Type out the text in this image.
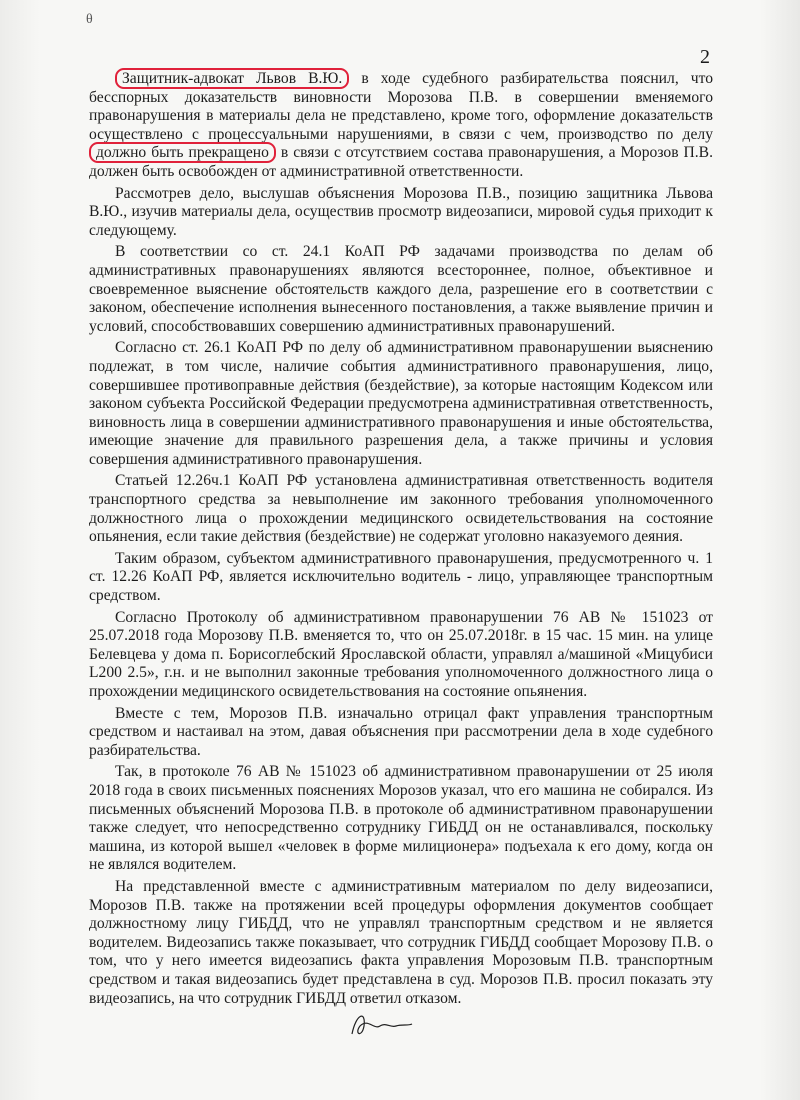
θ
2

Защитник-адвокат Львов В.Ю. в ходе судебного разбирательства пояснил, что бесспорных доказательств виновности Морозова П.В. в совершении вменяемого правонарушения в материалы дела не представлено, кроме того, оформление доказательств осуществлено с процессуальными нарушениями, в связи с чем, производство по делу должно быть прекращено в связи с отсутствием состава правонарушения, а Морозов П.В. должен быть освобожден от административной ответственности.

Рассмотрев дело, выслушав объяснения Морозова П.В., позицию защитника Львова В.Ю., изучив материалы дела, осуществив просмотр видеозаписи, мировой судья приходит к следующему.

В соответствии со ст. 24.1 КоАП РФ задачами производства по делам об административных правонарушениях являются всестороннее, полное, объективное и своевременное выяснение обстоятельств каждого дела, разрешение его в соответствии с законом, обеспечение исполнения вынесенного постановления, а также выявление причин и условий, способствовавших совершению административных правонарушений.

Согласно ст. 26.1 КоАП РФ по делу об административном правонарушении выяснению подлежат, в том числе, наличие события административного правонарушения, лицо, совершившее противоправные действия (бездействие), за которые настоящим Кодексом или законом субъекта Российской Федерации предусмотрена административная ответственность, виновность лица в совершении административного правонарушения и иные обстоятельства, имеющие значение для правильного разрешения дела, а также причины и условия совершения административного правонарушения.

Статьей 12.26ч.1 КоАП РФ установлена административная ответственность водителя транспортного средства за невыполнение им законного требования уполномоченного должностного лица о прохождении медицинского освидетельствования на состояние опьянения, если такие действия (бездействие) не содержат уголовно наказуемого деяния.

Таким образом, субъектом административного правонарушения, предусмотренного ч. 1 ст. 12.26 КоАП РФ, является исключительно водитель - лицо, управляющее транспортным средством.

Согласно Протоколу об административном правонарушении 76 АВ № 151023 от 25.07.2018 года Морозову П.В. вменяется то, что он 25.07.2018г. в 15 час. 15 мин. на улице Белевцева у дома п. Борисоглебский Ярославской области, управлял а/машиной «Мицубиси L200 2.5», г.н. и не выполнил законные требования уполномоченного должностного лица о прохождении медицинского освидетельствования на состояние опьянения.

Вместе с тем, Морозов П.В. изначально отрицал факт управления транспортным средством и настаивал на этом, давая объяснения при рассмотрении дела в ходе судебного разбирательства.

Так, в протоколе 76 АВ № 151023 об административном правонарушении от 25 июля 2018 года в своих письменных пояснениях Морозов указал, что его машина не собирался. Из письменных объяснений Морозова П.В. в протоколе об административном правонарушении также следует, что непосредственно сотруднику ГИБДД он не останавливался, поскольку машина, из которой вышел «человек в форме милиционера» подъехала к его дому, когда он не являлся водителем.

На представленной вместе с административным материалом по делу видеозаписи, Морозов П.В. также на протяжении всей процедуры оформления документов сообщает должностному лицу ГИБДД, что не управлял транспортным средством и не является водителем. Видеозапись также показывает, что сотрудник ГИБДД сообщает Морозову П.В. о том, что у него имеется видеозапись факта управления Морозовым П.В. транспортным средством и такая видеозапись будет представлена в суд. Морозов П.В. просил показать эту видеозапись, на что сотрудник ГИБДД ответил отказом.
